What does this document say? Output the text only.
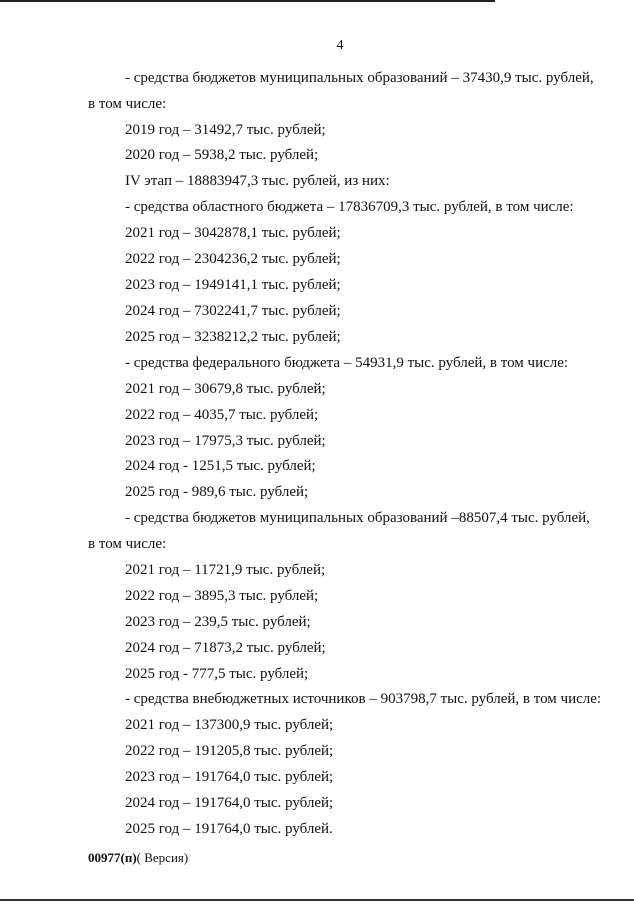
4
- средства бюджетов муниципальных образований – 37430,9 тыс. рублей,
в том числе:
2019 год – 31492,7 тыс. рублей;
2020 год – 5938,2 тыс. рублей;
IV этап – 18883947,3 тыс. рублей, из них:
- средства областного бюджета – 17836709,3 тыс. рублей, в том числе:
2021 год – 3042878,1 тыс. рублей;
2022 год – 2304236,2 тыс. рублей;
2023 год – 1949141,1 тыс. рублей;
2024 год – 7302241,7 тыс. рублей;
2025 год – 3238212,2 тыс. рублей;
- средства федерального бюджета – 54931,9 тыс. рублей, в том числе:
2021 год – 30679,8 тыс. рублей;
2022 год – 4035,7 тыс. рублей;
2023 год – 17975,3 тыс. рублей;
2024 год - 1251,5 тыс. рублей;
2025 год - 989,6 тыс. рублей;
- средства бюджетов муниципальных образований –88507,4 тыс. рублей,
в том числе:
2021 год – 11721,9 тыс. рублей;
2022 год – 3895,3 тыс. рублей;
2023 год – 239,5 тыс. рублей;
2024 год – 71873,2 тыс. рублей;
2025 год - 777,5 тыс. рублей;
- средства внебюджетных источников – 903798,7 тыс. рублей, в том числе:
2021 год – 137300,9 тыс. рублей;
2022 год – 191205,8 тыс. рублей;
2023 год – 191764,0 тыс. рублей;
2024 год – 191764,0 тыс. рублей;
2025 год – 191764,0 тыс. рублей.
00977(п)( Версия)
